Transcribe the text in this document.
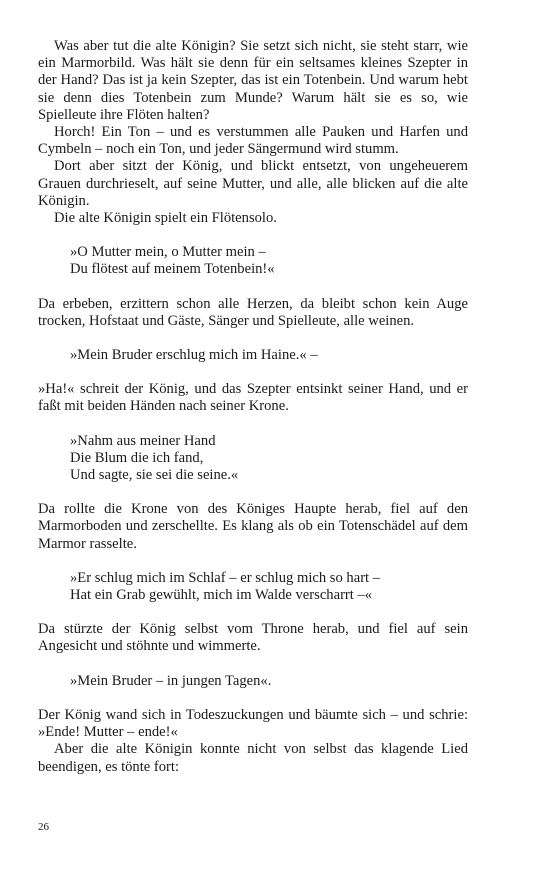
Was aber tut die alte Königin? Sie setzt sich nicht, sie steht starr, wie ein Marmorbild. Was hält sie denn für ein seltsames kleines Szepter in der Hand? Das ist ja kein Szepter, das ist ein Totenbein. Und warum hebt sie denn dies Totenbein zum Munde? Warum hält sie es so, wie Spielleute ihre Flöten halten?

Horch! Ein Ton – und es verstummen alle Pauken und Harfen und Cymbeln – noch ein Ton, und jeder Sängermund wird stumm.

Dort aber sitzt der König, und blickt entsetzt, von ungeheuerem Grauen durchrieselt, auf seine Mutter, und alle, alle blicken auf die alte Königin.

Die alte Königin spielt ein Flötensolo.

»O Mutter mein, o Mutter mein –
Du flötest auf meinem Totenbein!«

Da erbeben, erzittern schon alle Herzen, da bleibt schon kein Auge trocken, Hofstaat und Gäste, Sänger und Spielleute, alle weinen.

»Mein Bruder erschlug mich im Haine.« –

»Ha!« schreit der König, und das Szepter entsinkt seiner Hand, und er faßt mit beiden Händen nach seiner Krone.

»Nahm aus meiner Hand
Die Blum die ich fand,
Und sagte, sie sei die seine.«

Da rollte die Krone von des Königes Haupte herab, fiel auf den Marmorboden und zerschellte. Es klang als ob ein Totenschädel auf dem Marmor rasselte.

»Er schlug mich im Schlaf – er schlug mich so hart –
Hat ein Grab gewühlt, mich im Walde verscharrt –«

Da stürzte der König selbst vom Throne herab, und fiel auf sein Angesicht und stöhnte und wimmerte.

»Mein Bruder – in jungen Tagen«.

Der König wand sich in Todeszuckungen und bäumte sich – und schrie: »Ende! Mutter – ende!«

Aber die alte Königin konnte nicht von selbst das klagende Lied beendigen, es tönte fort:

26
